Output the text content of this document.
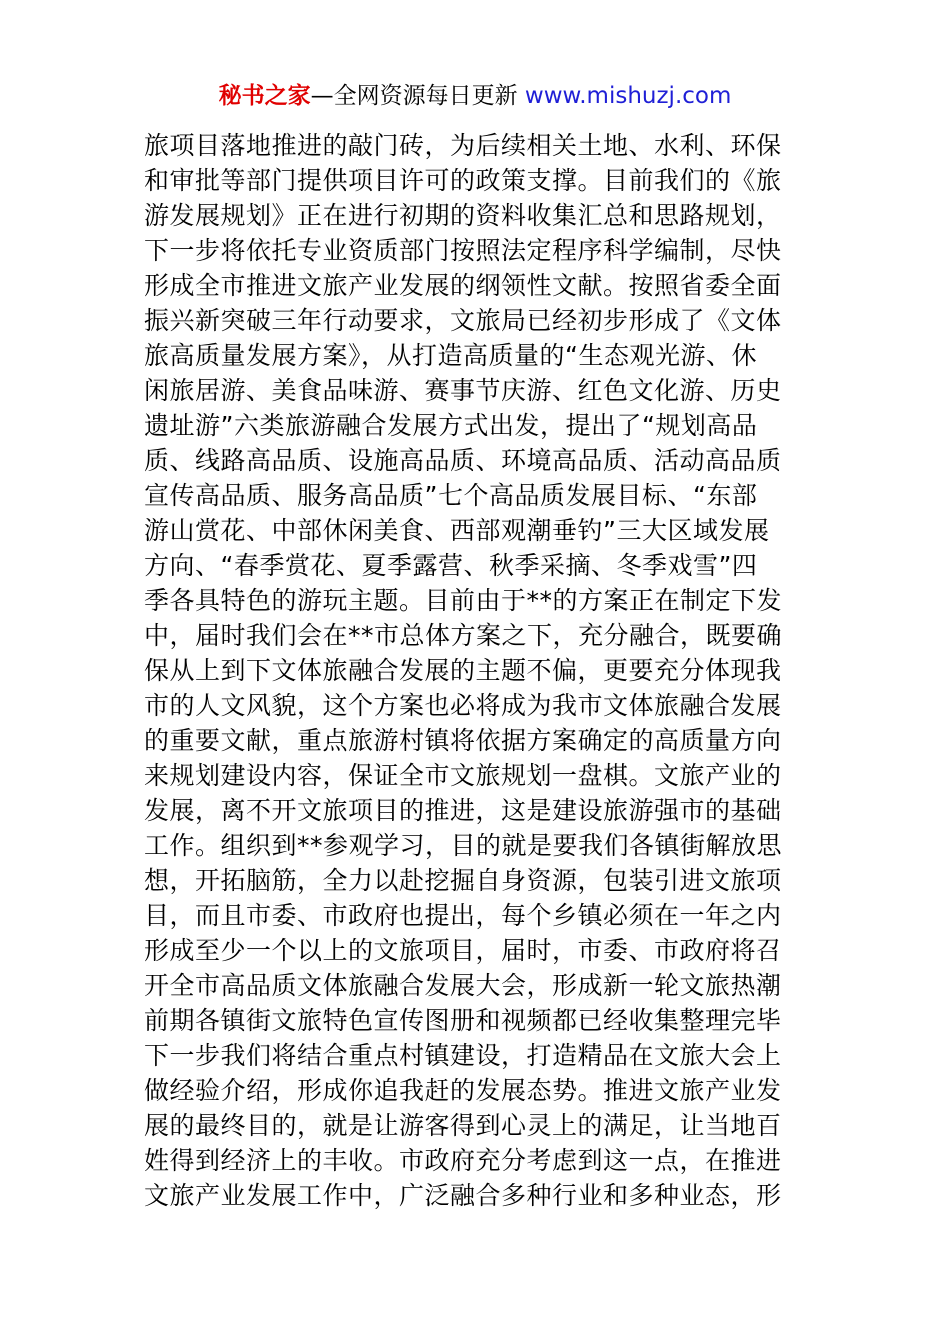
秘书之家—全网资源每日更新 www.mishuzj.com
旅项目落地推进的敲门砖，为后续相关土地、水利、环保
和审批等部门提供项目许可的政策支撑。目前我们的《旅
游发展规划》正在进行初期的资料收集汇总和思路规划，
下一步将依托专业资质部门按照法定程序科学编制，尽快
形成全市推进文旅产业发展的纲领性文献。按照省委全面
振兴新突破三年行动要求，文旅局已经初步形成了《文体
旅高质量发展方案》，从打造高质量的“生态观光游、休
闲旅居游、美食品味游、赛事节庆游、红色文化游、历史
遗址游”六类旅游融合发展方式出发，提出了“规划高品
质、线路高品质、设施高品质、环境高品质、活动高品质
宣传高品质、服务高品质”七个高品质发展目标、“东部
游山赏花、中部休闲美食、西部观潮垂钓”三大区域发展
方向、“春季赏花、夏季露营、秋季采摘、冬季戏雪”四
季各具特色的游玩主题。目前由于**的方案正在制定下发
中，届时我们会在**市总体方案之下，充分融合，既要确
保从上到下文体旅融合发展的主题不偏，更要充分体现我
市的人文风貌，这个方案也必将成为我市文体旅融合发展
的重要文献，重点旅游村镇将依据方案确定的高质量方向
来规划建设内容，保证全市文旅规划一盘棋。文旅产业的
发展，离不开文旅项目的推进，这是建设旅游强市的基础
工作。组织到**参观学习，目的就是要我们各镇街解放思
想，开拓脑筋，全力以赴挖掘自身资源，包装引进文旅项
目，而且市委、市政府也提出，每个乡镇必须在一年之内
形成至少一个以上的文旅项目，届时，市委、市政府将召
开全市高品质文体旅融合发展大会，形成新一轮文旅热潮
前期各镇街文旅特色宣传图册和视频都已经收集整理完毕
下一步我们将结合重点村镇建设，打造精品在文旅大会上
做经验介绍，形成你追我赶的发展态势。推进文旅产业发
展的最终目的，就是让游客得到心灵上的满足，让当地百
姓得到经济上的丰收。市政府充分考虑到这一点，在推进
文旅产业发展工作中，广泛融合多种行业和多种业态，形
